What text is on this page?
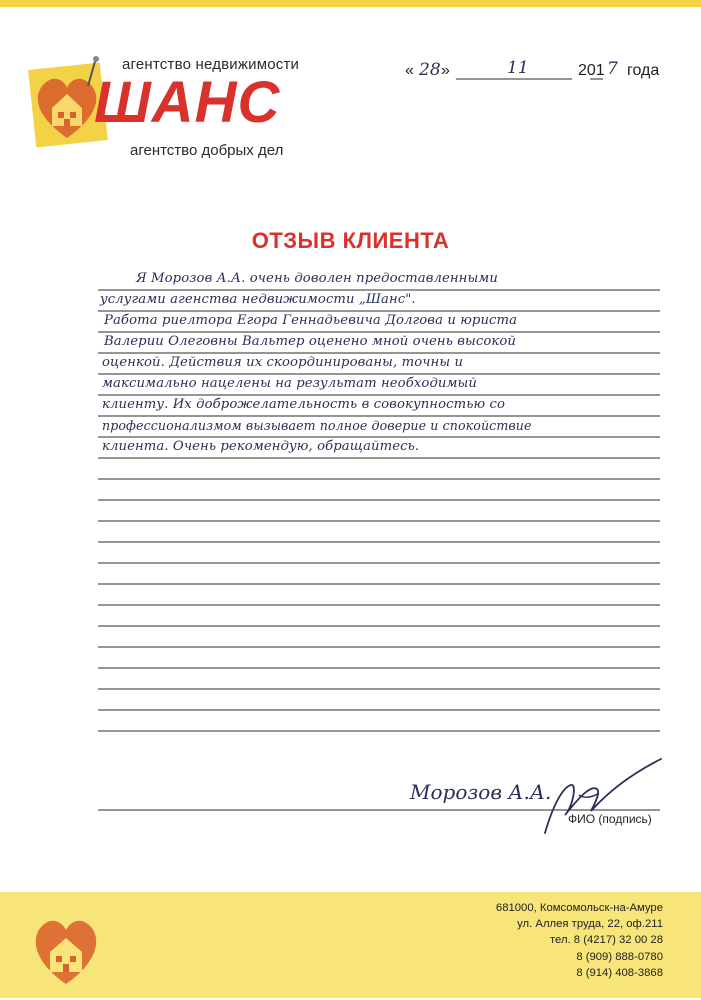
агентство недвижимости
ШАНС
агентство добрых дел
« 28 »	11	201 7 года
ОТЗЫВ КЛИЕНТА
Я Морозов А.А. очень доволен предоставленными
услугами агенства недвижимости „Шанс".
Работа риелтора Егора Геннадьевича Долгова и юриста
Валерии Олеговны Вальтер оценено мной очень высокой
оценкой. Действия их скоординированы, точны и
максимально нацелены на результат необходимый
клиенту. Их доброжелательность в совокупностью со
профессионализмом вызывает полное доверие и спокойствие
клиента. Очень рекомендую, обращайтесь.
Морозов А.А.
ФИО (подпись)
681000, Комсомольск-на-Амуре
ул. Аллея труда, 22, оф.211
тел. 8 (4217) 32 00 28
8 (909) 888-0780
8 (914) 408-3868
